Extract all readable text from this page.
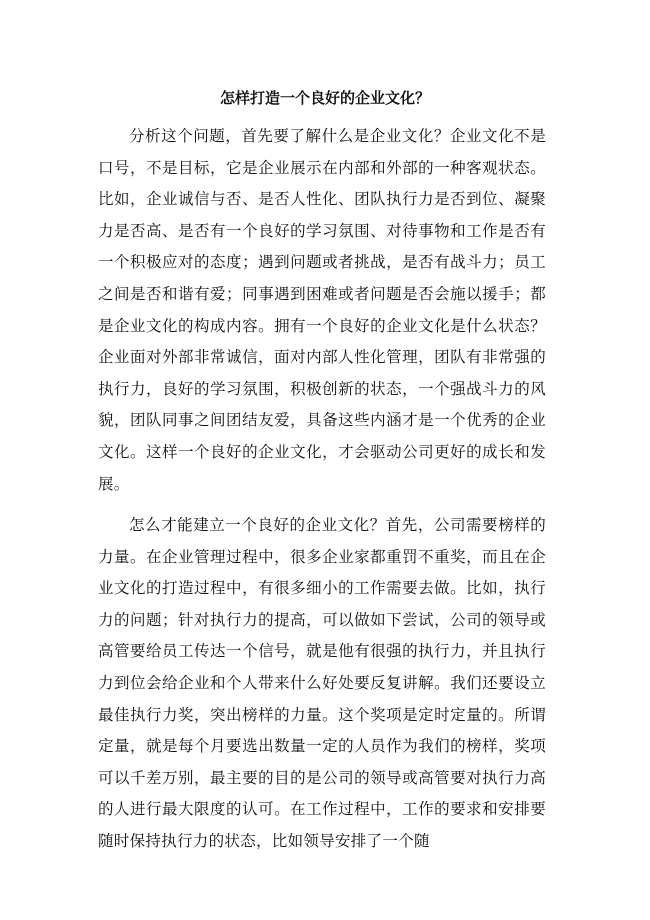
怎样打造一个良好的企业文化？

分析这个问题，首先要了解什么是企业文化？企业文化不是口号，不是目标，它是企业展示在内部和外部的一种客观状态。比如，企业诚信与否、是否人性化、团队执行力是否到位、凝聚力是否高、是否有一个良好的学习氛围、对待事物和工作是否有一个积极应对的态度；遇到问题或者挑战，是否有战斗力；员工之间是否和谐有爱；同事遇到困难或者问题是否会施以援手；都是企业文化的构成内容。拥有一个良好的企业文化是什么状态？企业面对外部非常诚信，面对内部人性化管理，团队有非常强的执行力，良好的学习氛围，积极创新的状态，一个强战斗力的风貌，团队同事之间团结友爱，具备这些内涵才是一个优秀的企业文化。这样一个良好的企业文化，才会驱动公司更好的成长和发展。

怎么才能建立一个良好的企业文化？首先，公司需要榜样的力量。在企业管理过程中，很多企业家都重罚不重奖，而且在企业文化的打造过程中，有很多细小的工作需要去做。比如，执行力的问题；针对执行力的提高，可以做如下尝试，公司的领导或高管要给员工传达一个信号，就是他有很强的执行力，并且执行力到位会给企业和个人带来什么好处要反复讲解。我们还要设立最佳执行力奖，突出榜样的力量。这个奖项是定时定量的。所谓定量，就是每个月要选出数量一定的人员作为我们的榜样，奖项可以千差万别，最主要的目的是公司的领导或高管要对执行力高的人进行最大限度的认可。在工作过程中，工作的要求和安排要随时保持执行力的状态，比如领导安排了一个随
